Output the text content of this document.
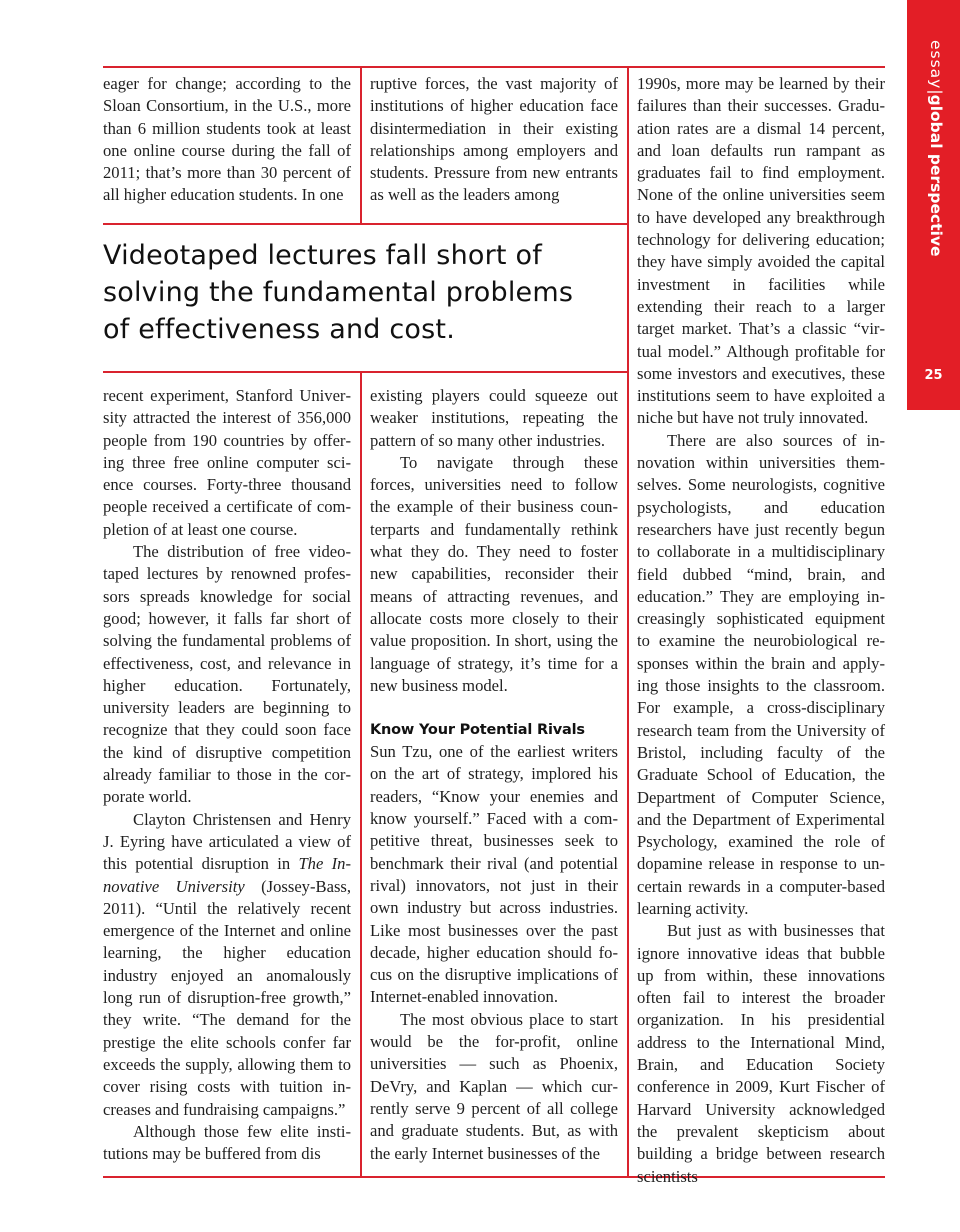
essay|global perspective
25

eager for change; according to the Sloan Consortium, in the U.S., more than 6 million students took at least one online course during the fall of 2011; that’s more than 30 percent of all higher education students. In one

ruptive forces, the vast majority of institutions of higher education face disintermediation in their existing relationships among employers and students. Pressure from new entrants as well as the leaders among

Videotaped lectures fall short of solving the fundamental problems of effectiveness and cost.

recent experiment, Stanford University attracted the interest of 356,000 people from 190 countries by offering three free online computer science courses. Forty-three thousand people received a certificate of completion of at least one course.

The distribution of free videotaped lectures by renowned professors spreads knowledge for social good; however, it falls far short of solving the fundamental problems of effectiveness, cost, and relevance in higher education. Fortunately, university leaders are beginning to recognize that they could soon face the kind of disruptive competition already familiar to those in the corporate world.

Clayton Christensen and Henry J. Eyring have articulated a view of this potential disruption in The Innovative University (Jossey-Bass, 2011). “Until the relatively recent emergence of the Internet and online learning, the higher education industry enjoyed an anomalously long run of disruption-free growth,” they write. “The demand for the prestige the elite schools confer far exceeds the supply, allowing them to cover rising costs with tuition increases and fundraising campaigns.”

Although those few elite institutions may be buffered from dis

existing players could squeeze out weaker institutions, repeating the pattern of so many other industries.

To navigate through these forces, universities need to follow the example of their business counterparts and fundamentally rethink what they do. They need to foster new capabilities, reconsider their means of attracting revenues, and allocate costs more closely to their value proposition. In short, using the language of strategy, it’s time for a new business model.

Know Your Potential Rivals

Sun Tzu, one of the earliest writers on the art of strategy, implored his readers, “Know your enemies and know yourself.” Faced with a competitive threat, businesses seek to benchmark their rival (and potential rival) innovators, not just in their own industry but across industries. Like most businesses over the past decade, higher education should focus on the disruptive implications of Internet-enabled innovation.

The most obvious place to start would be the for-profit, online universities — such as Phoenix, DeVry, and Kaplan — which currently serve 9 percent of all college and graduate students. But, as with the early Internet businesses of the

1990s, more may be learned by their failures than their successes. Graduation rates are a dismal 14 percent, and loan defaults run rampant as graduates fail to find employment. None of the online universities seem to have developed any breakthrough technology for delivering education; they have simply avoided the capital investment in facilities while extending their reach to a larger target market. That’s a classic “virtual model.” Although profitable for some investors and executives, these institutions seem to have exploited a niche but have not truly innovated.

There are also sources of innovation within universities themselves. Some neurologists, cognitive psychologists, and education researchers have just recently begun to collaborate in a multidisciplinary field dubbed “mind, brain, and education.” They are employing increasingly sophisticated equipment to examine the neurobiological responses within the brain and applying those insights to the classroom. For example, a cross-disciplinary research team from the University of Bristol, including faculty of the Graduate School of Education, the Department of Computer Science, and the Department of Experimental Psychology, examined the role of dopamine release in response to uncertain rewards in a computer-based learning activity.

But just as with businesses that ignore innovative ideas that bubble up from within, these innovations often fail to interest the broader organization. In his presidential address to the International Mind, Brain, and Education Society conference in 2009, Kurt Fischer of Harvard University acknowledged the prevalent skepticism about building a bridge between research scientists
